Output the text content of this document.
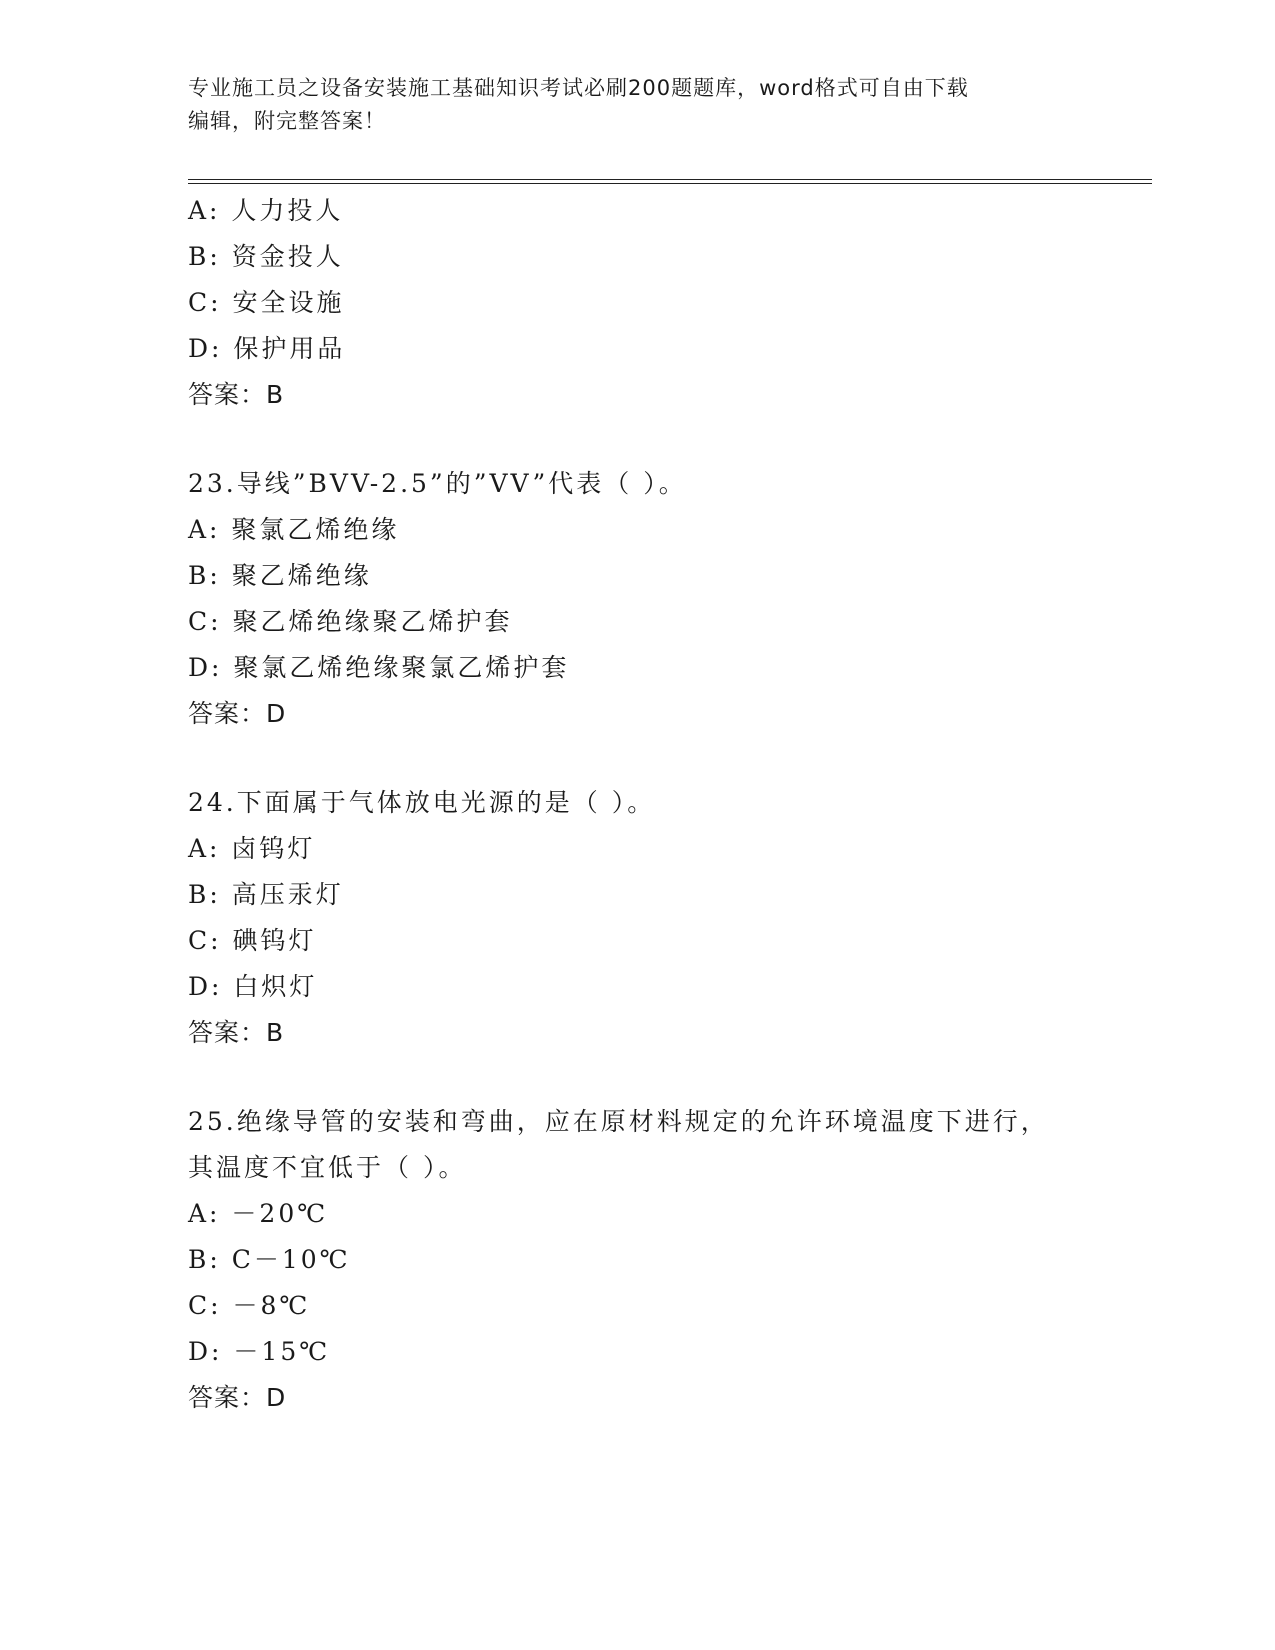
专业施工员之设备安装施工基础知识考试必刷200题题库，word格式可自由下载
编辑，附完整答案！
A: 人力投人
B: 资金投人
C: 安全设施
D: 保护用品
答案：B
23.导线”BVV-2.5”的”VV”代表（ ）。
A: 聚氯乙烯绝缘
B: 聚乙烯绝缘
C: 聚乙烯绝缘聚乙烯护套
D: 聚氯乙烯绝缘聚氯乙烯护套
答案：D
24.下面属于气体放电光源的是（ ）。
A: 卤钨灯
B: 高压汞灯
C: 碘钨灯
D: 白炽灯
答案：B
25.绝缘导管的安装和弯曲，应在原材料规定的允许环境温度下进行，
其温度不宜低于（ ）。
A: －20℃
B: C－10℃
C: －8℃
D: －15℃
答案：D
